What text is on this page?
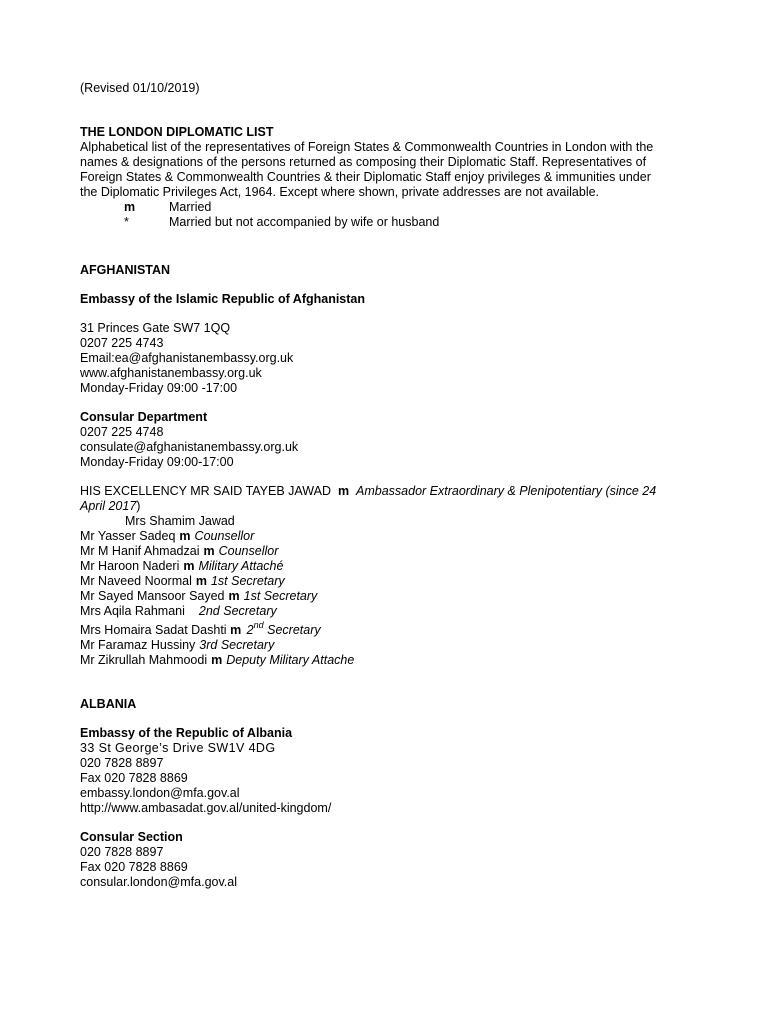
(Revised 01/10/2019)
THE LONDON DIPLOMATIC LIST
Alphabetical list of the representatives of Foreign States & Commonwealth Countries in London with the names & designations of the persons returned as composing their Diplomatic Staff. Representatives of Foreign States & Commonwealth Countries & their Diplomatic Staff enjoy privileges & immunities under the Diplomatic Privileges Act, 1964. Except where shown, private addresses are not available.
m	Married
*	Married but not accompanied by wife or husband
AFGHANISTAN
Embassy of the Islamic Republic of Afghanistan
31 Princes Gate SW7 1QQ
0207 225 4743
Email:ea@afghanistanembassy.org.uk
www.afghanistanembassy.org.uk
Monday-Friday 09:00 -17:00
Consular Department
0207 225 4748
consulate@afghanistanembassy.org.uk
Monday-Friday 09:00-17:00
HIS EXCELLENCY MR SAID TAYEB JAWAD m Ambassador Extraordinary & Plenipotentiary (since 24 April 2017)
Mrs Shamim Jawad
Mr Yasser Sadeq m Counsellor
Mr M Hanif Ahmadzai m Counsellor
Mr Haroon Naderi m Military Attaché
Mr Naveed Noormal m 1st Secretary
Mr Sayed Mansoor Sayed m 1st Secretary
Mrs Aqila Rahmani 2nd Secretary
Mrs Homaira Sadat Dashti m 2nd Secretary
Mr Faramaz Hussiny 3rd Secretary
Mr Zikrullah Mahmoodi m Deputy Military Attache
ALBANIA
Embassy of the Republic of Albania
33 St George’s Drive SW1V 4DG
020 7828 8897
Fax 020 7828 8869
embassy.london@mfa.gov.al
http://www.ambasadat.gov.al/united-kingdom/
Consular Section
020 7828 8897
Fax 020 7828 8869
consular.london@mfa.gov.al
